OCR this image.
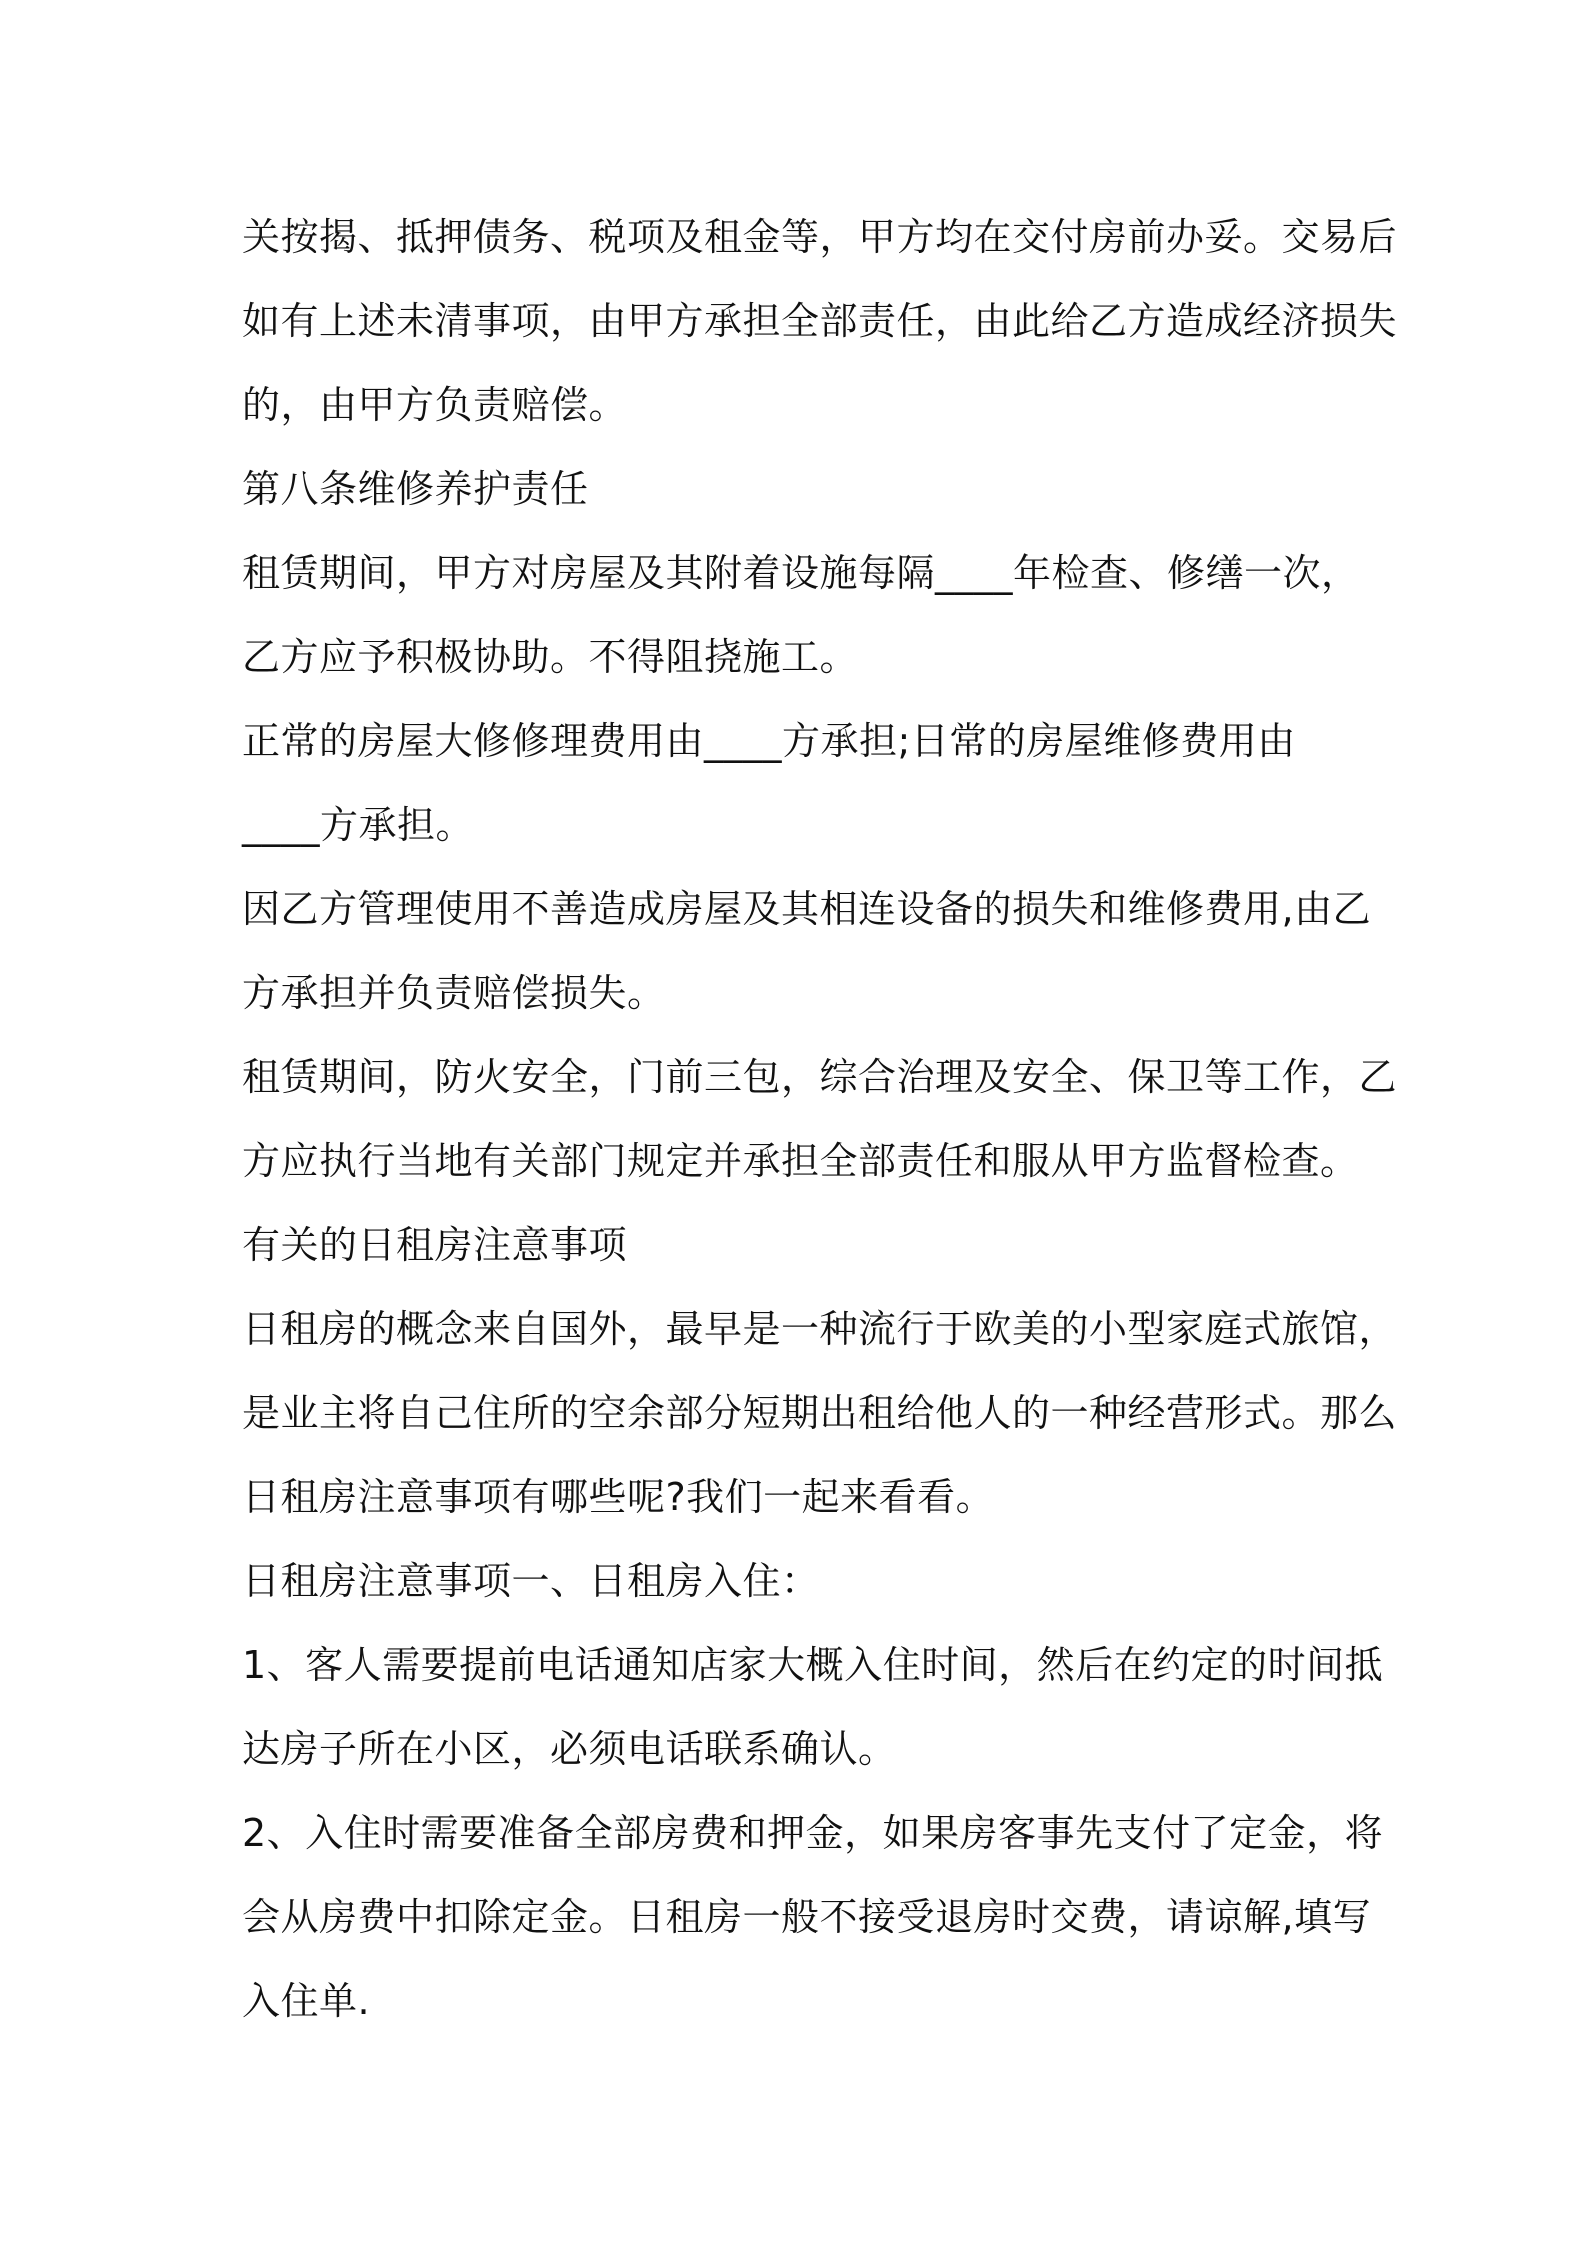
关按揭、抵押债务、税项及租金等，甲方均在交付房前办妥。交易后
如有上述未清事项，由甲方承担全部责任，由此给乙方造成经济损失
的，由甲方负责赔偿。
第八条维修养护责任
租赁期间，甲方对房屋及其附着设施每隔____年检查、修缮一次，
乙方应予积极协助。不得阻挠施工。
正常的房屋大修修理费用由____方承担;日常的房屋维修费用由
____方承担。
因乙方管理使用不善造成房屋及其相连设备的损失和维修费用,由乙
方承担并负责赔偿损失。
租赁期间，防火安全，门前三包，综合治理及安全、保卫等工作，乙
方应执行当地有关部门规定并承担全部责任和服从甲方监督检查。
有关的日租房注意事项
日租房的概念来自国外，最早是一种流行于欧美的小型家庭式旅馆，
是业主将自己住所的空余部分短期出租给他人的一种经营形式。那么
日租房注意事项有哪些呢?我们一起来看看。
日租房注意事项一、日租房入住：
1、客人需要提前电话通知店家大概入住时间，然后在约定的时间抵
达房子所在小区，必须电话联系确认。
2、入住时需要准备全部房费和押金，如果房客事先支付了定金，将
会从房费中扣除定金。日租房一般不接受退房时交费，请谅解,填写
入住单.
